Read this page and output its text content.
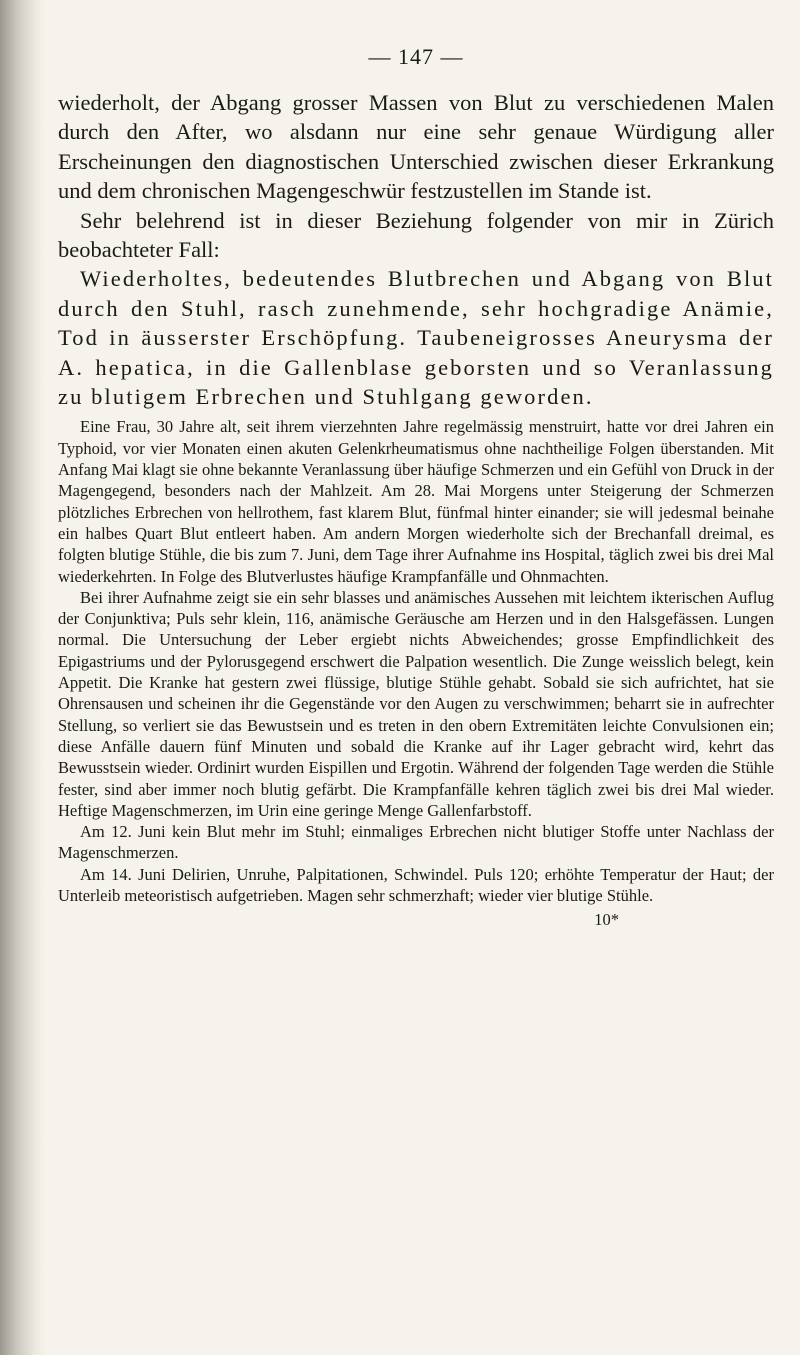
— 147 —

wiederholt, der Abgang grosser Massen von Blut zu verschiedenen Malen durch den After, wo alsdann nur eine sehr genaue Würdigung aller Erscheinungen den diagnostischen Unterschied zwischen dieser Erkrankung und dem chronischen Magengeschwür festzustellen im Stande ist.

Sehr belehrend ist in dieser Beziehung folgender von mir in Zürich beobachteter Fall:

Wiederholtes, bedeutendes Blutbrechen und Abgang von Blut durch den Stuhl, rasch zunehmende, sehr hochgradige Anämie, Tod in äusserster Erschöpfung. Taubeneigrosses Aneurysma der A. hepatica, in die Gallenblase geborsten und so Veranlassung zu blutigem Erbrechen und Stuhlgang geworden.

Eine Frau, 30 Jahre alt, seit ihrem vierzehnten Jahre regelmässig menstruirt, hatte vor drei Jahren ein Typhoid, vor vier Monaten einen akuten Gelenkrheumatismus ohne nachtheilige Folgen überstanden. Mit Anfang Mai klagt sie ohne bekannte Veranlassung über häufige Schmerzen und ein Gefühl von Druck in der Magengegend, besonders nach der Mahlzeit. Am 28. Mai Morgens unter Steigerung der Schmerzen plötzliches Erbrechen von hellrothem, fast klarem Blut, fünfmal hinter einander; sie will jedesmal beinahe ein halbes Quart Blut entleert haben. Am andern Morgen wiederholte sich der Brechanfall dreimal, es folgten blutige Stühle, die bis zum 7. Juni, dem Tage ihrer Aufnahme ins Hospital, täglich zwei bis drei Mal wiederkehrten. In Folge des Blutverlustes häufige Krampfanfälle und Ohnmachten.

Bei ihrer Aufnahme zeigt sie ein sehr blasses und anämisches Aussehen mit leichtem ikterischen Auflug der Conjunktiva; Puls sehr klein, 116, anämische Geräusche am Herzen und in den Halsgefässen. Lungen normal. Die Untersuchung der Leber ergiebt nichts Abweichendes; grosse Empfindlichkeit des Epigastriums und der Pylorusgegend erschwert die Palpation wesentlich. Die Zunge weisslich belegt, kein Appetit. Die Kranke hat gestern zwei flüssige, blutige Stühle gehabt. Sobald sie sich aufrichtet, hat sie Ohrensausen und scheinen ihr die Gegenstände vor den Augen zu verschwimmen; beharrt sie in aufrechter Stellung, so verliert sie das Bewustsein und es treten in den obern Extremitäten leichte Convulsionen ein; diese Anfälle dauern fünf Minuten und sobald die Kranke auf ihr Lager gebracht wird, kehrt das Bewusstsein wieder. Ordinirt wurden Eispillen und Ergotin. Während der folgenden Tage werden die Stühle fester, sind aber immer noch blutig gefärbt. Die Krampfanfälle kehren täglich zwei bis drei Mal wieder. Heftige Magenschmerzen, im Urin eine geringe Menge Gallenfarbstoff.

Am 12. Juni kein Blut mehr im Stuhl; einmaliges Erbrechen nicht blutiger Stoffe unter Nachlass der Magenschmerzen.

Am 14. Juni Delirien, Unruhe, Palpitationen, Schwindel. Puls 120; erhöhte Temperatur der Haut; der Unterleib meteoristisch aufgetrieben. Magen sehr schmerzhaft; wieder vier blutige Stühle.

10*
